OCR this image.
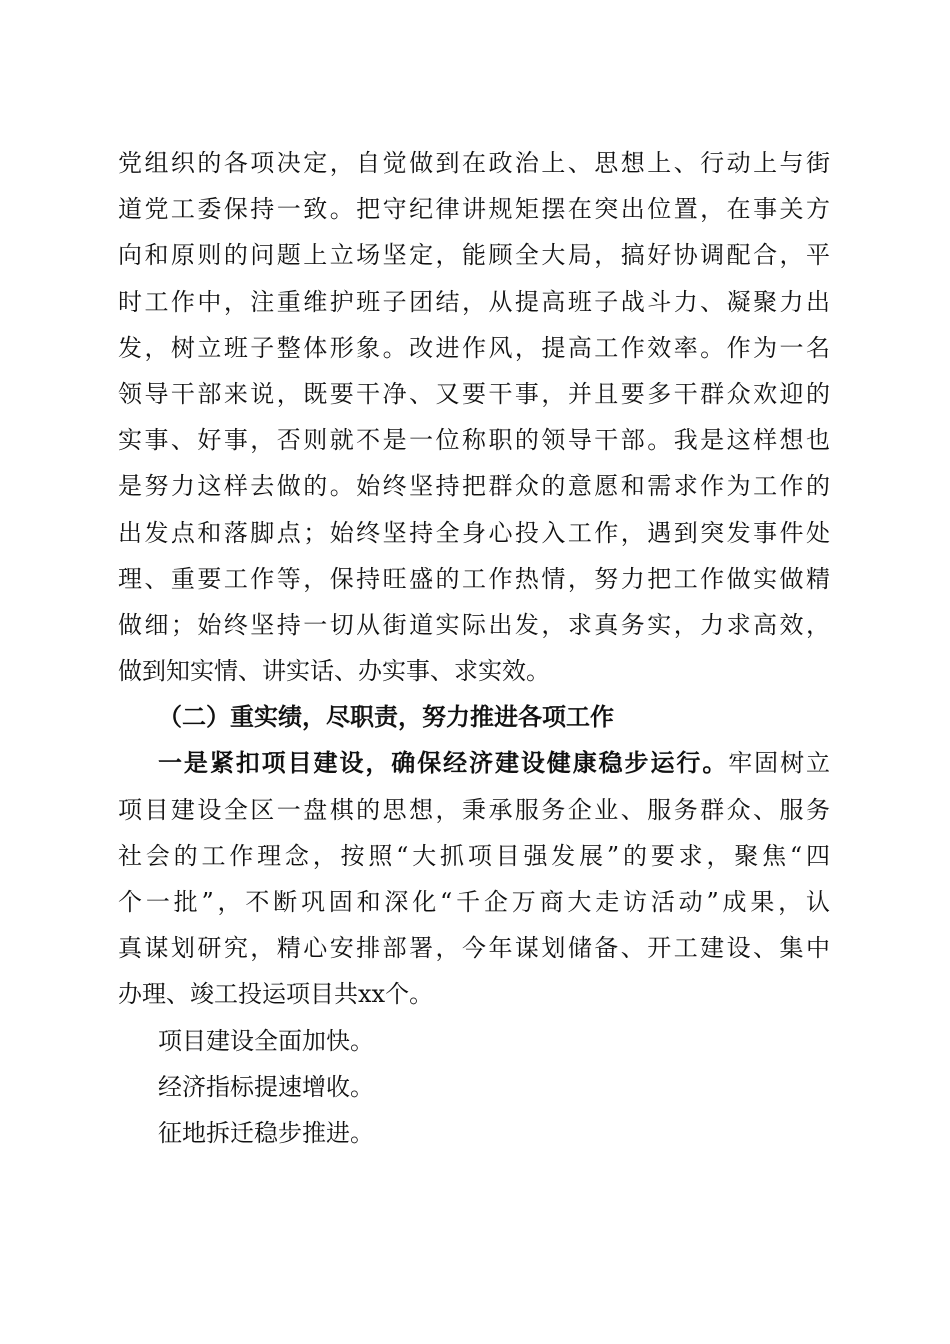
党组织的各项决定，自觉做到在政治上、思想上、行动上与街
道党工委保持一致。把守纪律讲规矩摆在突出位置，在事关方
向和原则的问题上立场坚定，能顾全大局，搞好协调配合，平
时工作中，注重维护班子团结，从提高班子战斗力、凝聚力出
发，树立班子整体形象。改进作风，提高工作效率。作为一名
领导干部来说，既要干净、又要干事，并且要多干群众欢迎的
实事、好事，否则就不是一位称职的领导干部。我是这样想也
是努力这样去做的。始终坚持把群众的意愿和需求作为工作的
出发点和落脚点；始终坚持全身心投入工作，遇到突发事件处
理、重要工作等，保持旺盛的工作热情，努力把工作做实做精
做细；始终坚持一切从街道实际出发，求真务实，力求高效，
做到知实情、讲实话、办实事、求实效。
（二）重实绩，尽职责，努力推进各项工作
一是紧扣项目建设，确保经济建设健康稳步运行。牢固树立
项目建设全区一盘棋的思想，秉承服务企业、服务群众、服务
社会的工作理念，按照“大抓项目强发展”的要求，聚焦“四
个一批”，不断巩固和深化“千企万商大走访活动”成果，认
真谋划研究，精心安排部署，今年谋划储备、开工建设、集中
办理、竣工投运项目共xx个。
项目建设全面加快。
经济指标提速增收。
征地拆迁稳步推进。
